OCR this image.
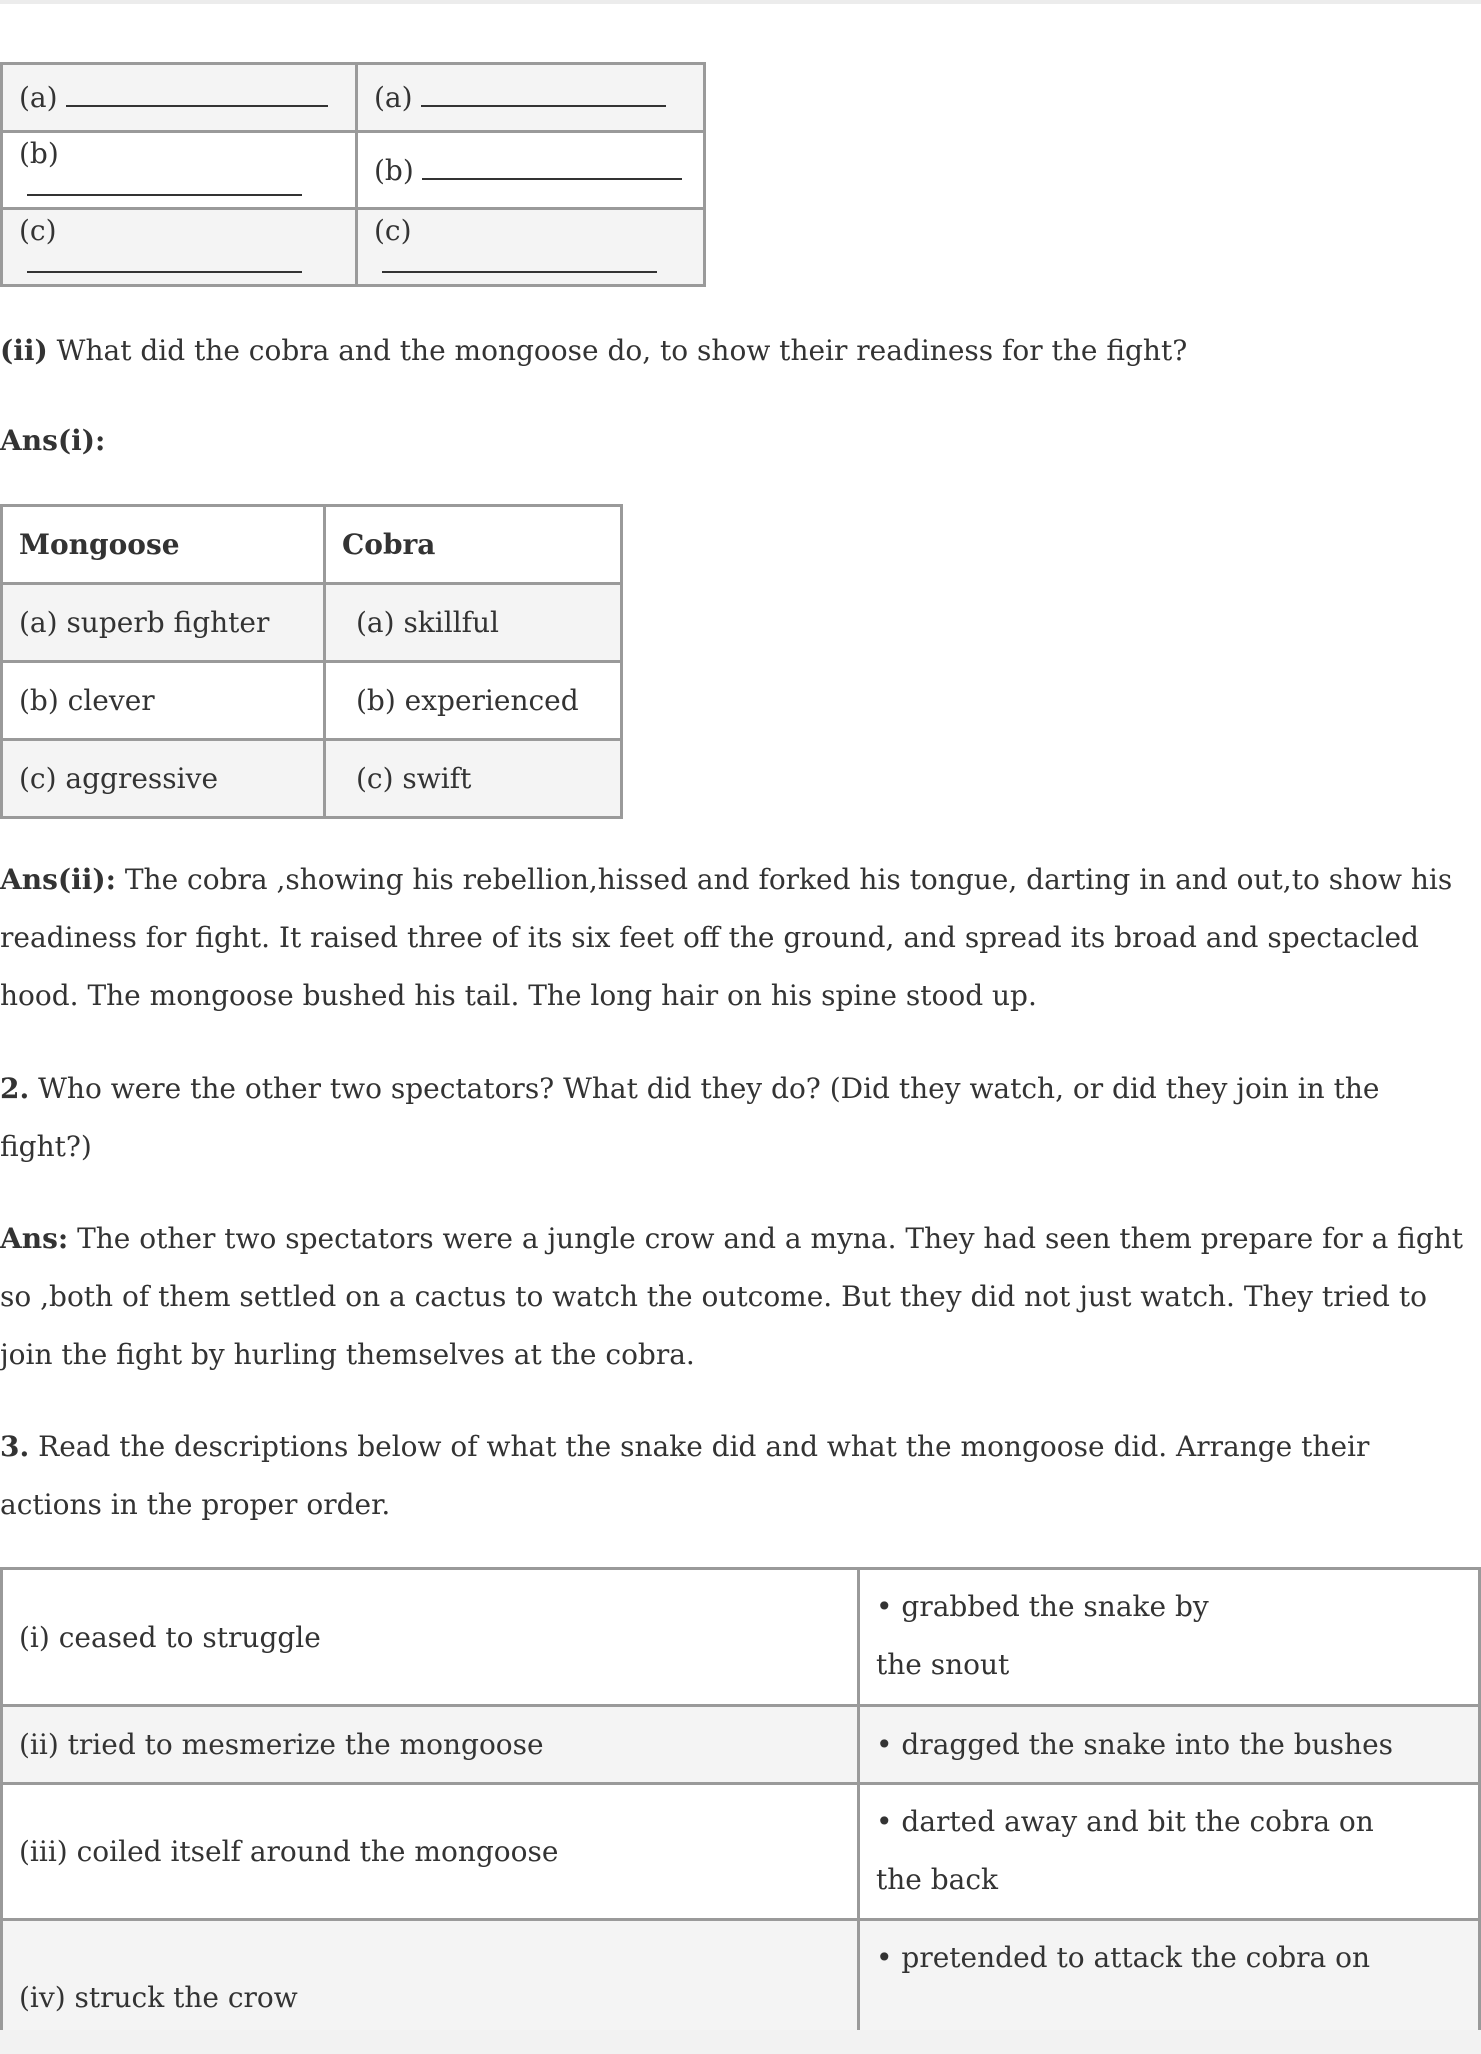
(a)	(a)
(b)	(b)
(c)	(c)
(ii) What did the cobra and the mongoose do, to show their readiness for the fight?
Ans(i):
Mongoose	Cobra
(a) superb fighter	(a) skillful
(b) clever	(b) experienced
(c) aggressive	(c) swift
Ans(ii): The cobra ,showing his rebellion,hissed and forked his tongue, darting in and out,to show his readiness for fight. It raised three of its six feet off the ground, and spread its broad and spectacled hood. The mongoose bushed his tail. The long hair on his spine stood up.
2. Who were the other two spectators? What did they do? (Did they watch, or did they join in the fight?)
Ans: The other two spectators were a jungle crow and a myna. They had seen them prepare for a fight so ,both of them settled on a cactus to watch the outcome. But they did not just watch. They tried to join the fight by hurling themselves at the cobra.
3. Read the descriptions below of what the snake did and what the mongoose did. Arrange their actions in the proper order.
(i) ceased to struggle	• grabbed the snake by
the snout

(ii) tried to mesmerize the mongoose	• dragged the snake into the bushes
(iii) coiled itself around the mongoose	• darted away and bit the cobra on
the back

(iv) struck the crow	• pretended to attack the cobra on
